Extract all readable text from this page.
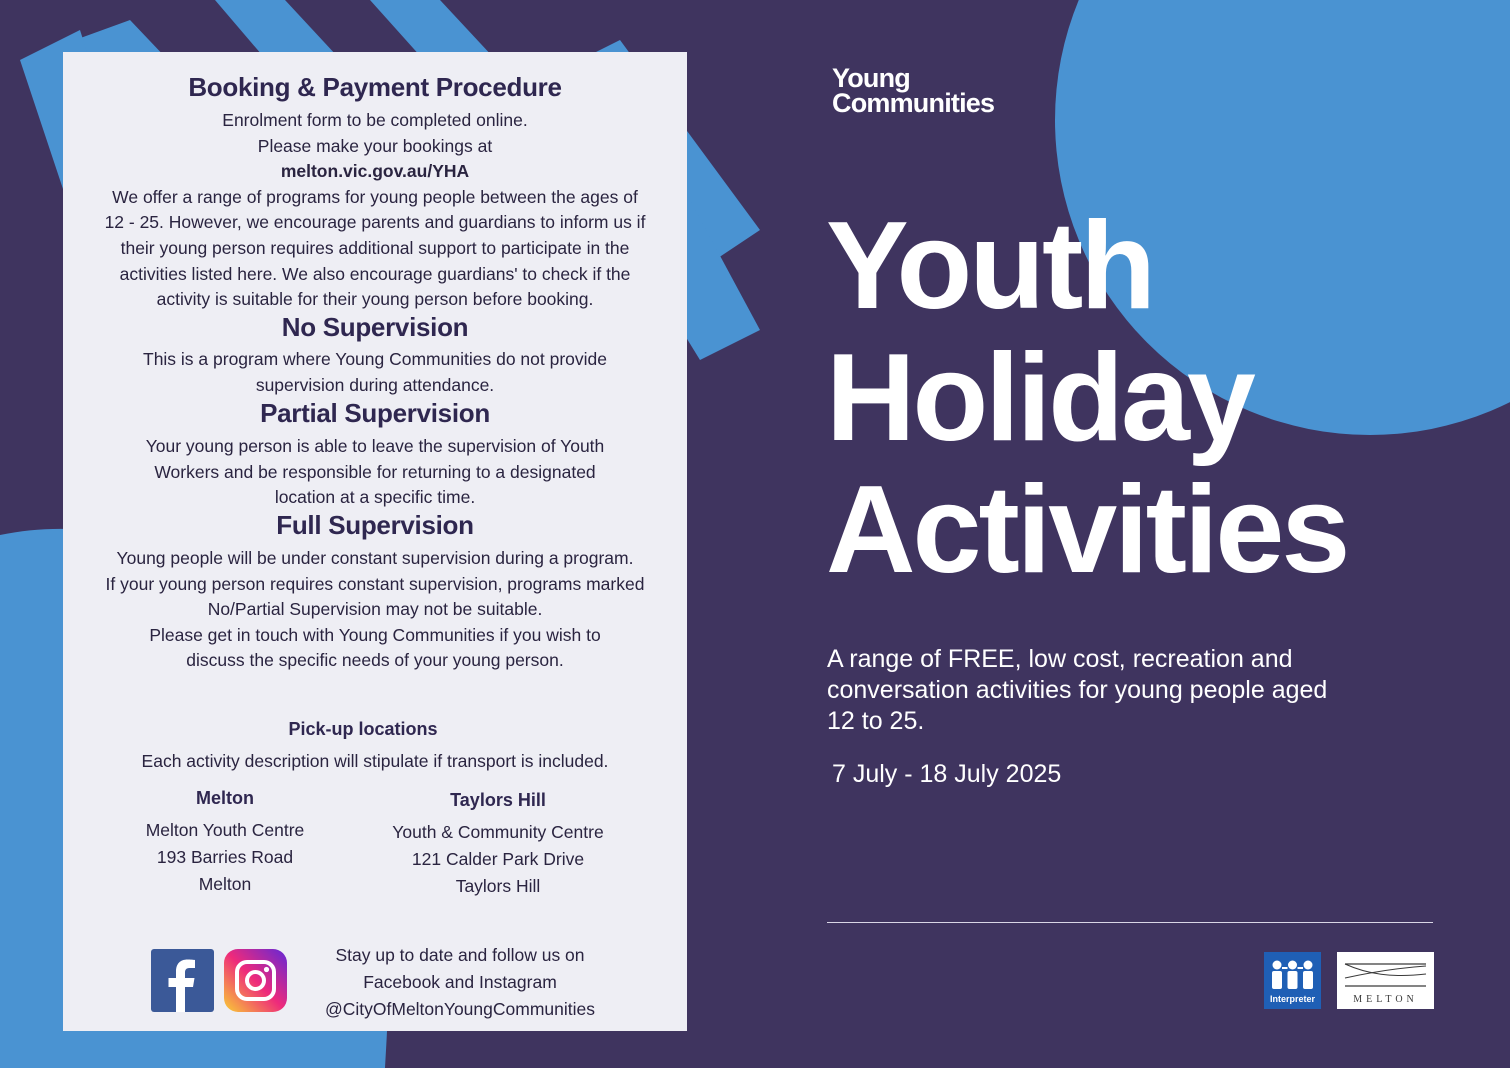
Booking & Payment Procedure
Enrolment form to be completed online.
Please make your bookings at
melton.vic.gov.au/YHA
We offer a range of programs for young people between the ages of
12 - 25. However, we encourage parents and guardians to inform us if
their young person requires additional support to participate in the
activities listed here. We also encourage guardians' to check if the
activity is suitable for their young person before booking.
No Supervision
This is a program where Young Communities do not provide
supervision during attendance.
Partial Supervision
Your young person is able to leave the supervision of Youth
Workers and be responsible for returning to a designated
location at a specific time.
Full Supervision
Young people will be under constant supervision during a program.
If your young person requires constant supervision, programs marked
No/Partial Supervision may not be suitable.
Please get in touch with Young Communities if you wish to
discuss the specific needs of your young person.
Pick-up locations
Each activity description will stipulate if transport is included.
Melton
Melton Youth Centre
193 Barries Road
Melton
Taylors Hill
Youth & Community Centre
121 Calder Park Drive
Taylors Hill
Stay up to date and follow us on
Facebook and Instagram
@CityOfMeltonYoungCommunities
Young
Communities
Youth
Holiday
Activities
A range of FREE, low cost, recreation and
conversation activities for young people aged
12 to 25.

7 July - 18 July 2025

Interpreter	MELTON
